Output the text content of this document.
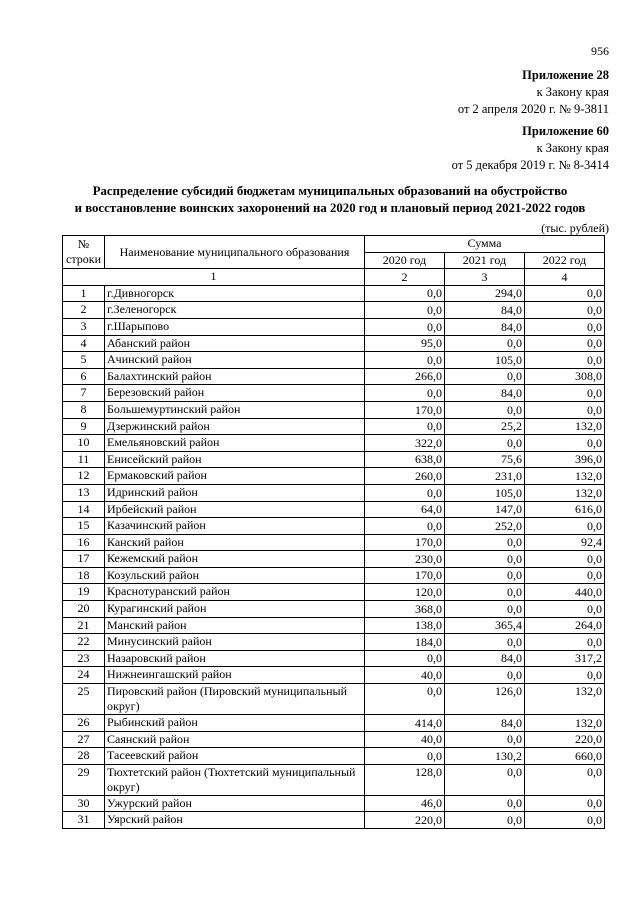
956
Приложение 28
к Закону края
от 2 апреля 2020 г. № 9-3811
Приложение 60
к Закону края
от 5 декабря 2019 г. № 8-3414
Распределение субсидий бюджетам муниципальных образований на обустройство
и восстановление воинских захоронений на 2020 год и плановый период 2021-2022 годов
(тыс. рублей)
№ строки	Наименование муниципального образования	Сумма		
		2020 год	2021 год	2022 год
1		2	3	4
1	г.Дивногорск	0,0	294,0	0,0
2	г.Зеленогорск	0,0	84,0	0,0
3	г.Шарыпово	0,0	84,0	0,0
4	Абанский район	95,0	0,0	0,0
5	Ачинский район	0,0	105,0	0,0
6	Балахтинский район	266,0	0,0	308,0
7	Березовский район	0,0	84,0	0,0
8	Большемуртинский район	170,0	0,0	0,0
9	Дзержинский район	0,0	25,2	132,0
10	Емельяновский район	322,0	0,0	0,0
11	Енисейский район	638,0	75,6	396,0
12	Ермаковский район	260,0	231,0	132,0
13	Идринский район	0,0	105,0	132,0
14	Ирбейский район	64,0	147,0	616,0
15	Казачинский район	0,0	252,0	0,0
16	Канский район	170,0	0,0	92,4
17	Кежемский район	230,0	0,0	0,0
18	Козульский район	170,0	0,0	0,0
19	Краснотуранский район	120,0	0,0	440,0
20	Курагинский район	368,0	0,0	0,0
21	Манский район	138,0	365,4	264,0
22	Минусинский район	184,0	0,0	0,0
23	Назаровский район	0,0	84,0	317,2
24	Нижнеингашский район	40,0	0,0	0,0
25	Пировский район (Пировский муниципальный округ)	0,0	126,0	132,0
26	Рыбинский район	414,0	84,0	132,0
27	Саянский район	40,0	0,0	220,0
28	Тасеевский район	0,0	130,2	660,0
29	Тюхтетский район (Тюхтетский муниципальный округ)	128,0	0,0	0,0
30	Ужурский район	46,0	0,0	0,0
31	Уярский район	220,0	0,0	0,0
